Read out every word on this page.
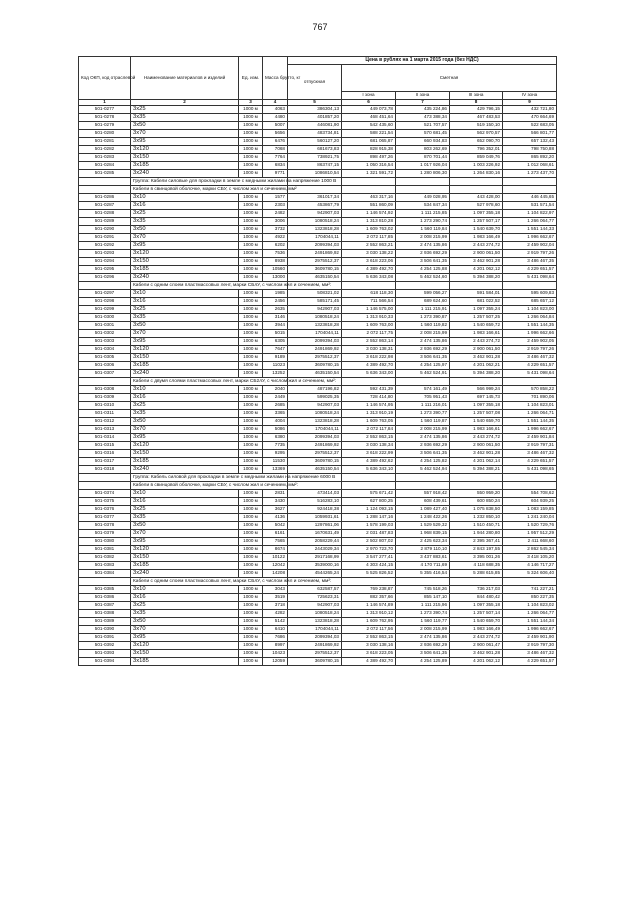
767
Код ОКП, код отраслевой	Наименование материалов и изделий	Ед. изм.	Масса брутто, кг	Цена в рублях на 1 марта 2015 года (без НДС)				
				отпускная	Сметная			
					I зона	II зона	III зона	IV зона
1	2	3	4	5	6	7	8	9
501-0277	3x25	1000 м	4063	386304,13	449 073,78	435 224,86	429 796,15	432 721,80
501-0278	3x35	1000 м	4480	401857,20	468 451,64	473 388,34	467 483,53	470 664,69
501-0279	3x50	1000 м	5007	446081,90	542 435,60	521 707,57	519 150,10	522 683,05
501-0280	3x70	1000 м	5656	483734,81	588 221,54	570 681,45	562 970,57	566 801,77
501-0281	3x95	1000 м	6476	560127,20	681 065,87	660 934,83	652 090,70	657 132,43
501-0282	3x120	1000 м	7068	681673,83	828 915,38	803 262,69	796 352,01	798 750,88
501-0283	3x150	1000 м	7764	738921,75	898 497,26	870 701,44	859 049,76	865 892,20
501-0284	3x185	1000 м	6834	863747,15	1 050 316,54	1 017 926,04	1 003 226,92	1 012 068,61
501-0285	3x240	1000 м	9771	1086810,54	1 321 591,72	1 280 806,30	1 264 830,16	1 273 437,70
	Группа: Кабели силовые для прокладки в земле с медными жилами на напряжение 1000 В							
	Кабели в свинцовой оболочке, марки СБУ, с числом жил и сечением, мм²							
501-0286	3x10	1000 м	1577	361017,34	463 317,16	449 028,95	443 428,00	446 445,65
501-0287	3x16	1000 м	2303	453867,79	551 860,09	534 847,34	527 978,60	531 571,54
501-0288	3x25	1000 м	2482	942907,03	1 146 574,92	1 111 215,85	1 097 355,18	1 104 822,97
501-0289	3x35	1000 м	3006	1080518,24	1 313 810,28	1 273 290,74	1 257 507,17	1 266 064,77
501-0290	3x50	1000 м	3732	1323818,28	1 609 763,02	1 560 119,84	1 540 639,70	1 551 144,33
501-0291	3x70	1000 м	4922	1704044,11	2 072 117,85	2 008 215,99	1 983 166,49	1 996 662,67
501-0292	3x95	1000 м	6202	2099394,03	2 552 863,21	2 474 135,86	2 443 274,72	2 459 902,04
501-0293	3x120	1000 м	7536	2491869,92	3 030 138,22	2 936 692,29	2 900 061,50	2 919 797,26
501-0294	3x150	1000 м	8938	2975512,37	3 618 223,06	3 506 641,35	3 462 901,28	3 486 467,35
501-0295	3x185	1000 м	10560	3609780,15	4 389 492,70	4 254 125,88	4 201 062,12	4 229 651,57
501-0296	3x240	1000 м	13000	4635150,54	5 636 343,08	5 462 524,60	5 394 388,20	5 431 098,64
	Кабели с одним слоем пластмассовых лент, марки СБлУ, с числом жил и сечением, мм²:							
501-0297	3x10	1000 м	1985	508321,02	618 118,30	599 056,27	591 584,01	595 609,83
501-0298	3x16	1000 м	2456	585171,45	711 566,54	689 624,60	681 022,52	685 657,12
501-0299	3x25	1000 м	2635	942907,03	1 146 575,00	1 111 215,91	1 097 355,24	1 104 823,00
501-0300	3x35	1000 м	3146	1080518,24	1 313 910,33	1 273 390,87	1 257 507,25	1 266 064,84
501-0301	3x50	1000 м	3944	1323818,28	1 609 763,00	1 560 119,82	1 540 659,72	1 551 144,35
501-0302	3x70	1000 м	5015	1704044,11	2 072 117,75	2 008 215,99	1 983 166,61	1 996 662,66
501-0303	3x95	1000 м	6305	2099394,03	2 552 863,14	2 474 135,86	2 443 274,72	2 459 902,05
501-0304	3x120	1000 м	7647	2491869,92	3 030 138,31	2 936 692,29	2 900 061,50	2 919 797,26
501-0305	3x150	1000 м	9189	2975512,37	3 618 222,98	3 506 641,35	3 462 901,28	3 486 467,32
501-0306	3x185	1000 м	11023	3609780,15	4 389 492,70	4 254 125,97	4 201 062,21	4 229 651,57
501-0307	3x240	1000 м	13252	4635150,54	5 636 343,00	5 462 524,91	5 394 388,20	5 431 098,64
	Кабели с двумя слоями пластмассовых лент, марки СБ2лУ, с числом жил и сечением, мм²:							
501-0308	3x10	1000 м	2040	487196,82	592 431,39	574 161,49	566 999,24	570 858,22
501-0309	3x16	1000 м	2449	599025,35	728 414,80	705 951,43	697 145,73	701 890,06
501-0310	3x25	1000 м	2685	942907,03	1 146 574,95	1 111 216,01	1 097 355,18	1 104 823,01
501-0311	3x35	1000 м	3365	1080518,24	1 313 910,19	1 273 390,77	1 257 507,08	1 266 064,71
501-0312	3x50	1000 м	4004	1323818,28	1 609 763,05	1 560 119,87	1 540 659,70	1 551 144,35
501-0313	3x70	1000 м	5086	1704044,11	2 072 117,84	2 008 215,99	1 983 166,61	1 996 662,67
501-0314	3x95	1000 м	6380	2099394,03	2 552 863,15	2 474 135,86	2 443 274,72	2 459 901,84
501-0315	3x120	1000 м	7735	2491869,92	3 030 138,34	2 936 692,29	2 900 061,50	2 919 797,31
501-0316	3x150	1000 м	9295	2975512,37	3 618 222,99	3 506 641,35	3 462 901,28	3 486 467,32
501-0317	3x185	1000 м	11530	3609780,15	4 389 492,62	4 254 125,82	4 201 062,14	4 229 651,57
501-0318	3x240	1000 м	13369	4635150,54	5 636 343,10	5 462 524,94	5 394 388,21	5 431 098,65
	Группа: Кабель силовой для прокладки в земле с медными жилами на напряжение 6000 В							
	Кабели в свинцовой оболочке, марки СБУ, с числом жил и сечением, мм²:							
501-0374	3x10	1000 м	2831	473414,03	575 671,42	557 918,42	550 959,20	554 708,62
501-0375	3x16	1000 м	3430	516283,10	627 800,25	608 439,61	600 850,24	604 939,25
501-0376	3x25	1000 м	3627	924418,38	1 124 093,15	1 089 427,40	1 075 838,50	1 083 159,85
501-0377	3x35	1000 м	4136	1059931,61	1 288 147,16	1 248 422,26	1 232 850,10	1 241 240,04
501-0378	3x50	1000 м	5042	1297861,06	1 578 199,03	1 529 529,32	1 510 450,71	1 520 729,76
501-0379	3x70	1000 м	6161	1670631,49	2 031 487,83	1 968 839,15	1 944 280,80	1 957 512,29
501-0380	3x95	1000 м	7565	2058229,44	2 502 807,02	2 425 623,34	2 395 367,41	2 411 668,60
501-0381	3x120	1000 м	8674	2443029,34	2 970 723,70	2 879 110,10	2 843 197,55	2 862 545,34
501-0382	3x150	1000 м	10122	2917168,99	3 547 277,41	3 437 883,61	3 395 001,26	3 418 105,20
501-0383	3x185	1000 м	12042	3539000,16	4 303 424,15	4 170 711,69	4 118 688,35	4 146 717,27
501-0384	3x240	1000 м	14208	4544265,24	5 525 826,52	5 355 416,54	5 288 615,85	5 324 606,40
	Кабели с одним слоем пластмассовых лент, марки СБлУ, с числом жил и сечением, мм²:							
501-0385	3x10	1000 м	3043	632587,57	769 238,87	745 518,26	736 217,03	741 227,21
501-0386	3x16	1000 м	3519	725623,31	882 357,66	855 147,10	844 480,42	850 227,35
501-0387	3x25	1000 м	3718	942907,03	1 146 574,89	1 111 215,96	1 097 355,18	1 104 823,02
501-0388	3x35	1000 м	4282	1080518,24	1 313 910,12	1 273 390,74	1 257 507,14	1 266 064,77
501-0389	3x50	1000 м	5142	1323818,28	1 609 762,95	1 560 119,77	1 540 659,70	1 551 144,34
501-0390	3x70	1000 м	6410	1704044,11	2 072 117,56	2 008 215,99	1 983 166,49	1 996 662,67
501-0391	3x95	1000 м	7686	2099394,03	2 552 863,15	2 474 135,86	2 443 274,72	2 459 901,90
501-0392	3x120	1000 м	8997	2491869,92	3 030 138,16	2 936 692,29	2 900 061,47	2 919 797,30
501-0393	3x150	1000 м	10423	2975512,37	3 618 223,05	3 506 641,35	3 462 901,28	3 486 467,32
501-0394	3x185	1000 м	12059	3609780,15	4 389 492,70	4 254 125,89	4 201 062,12	4 229 651,57
